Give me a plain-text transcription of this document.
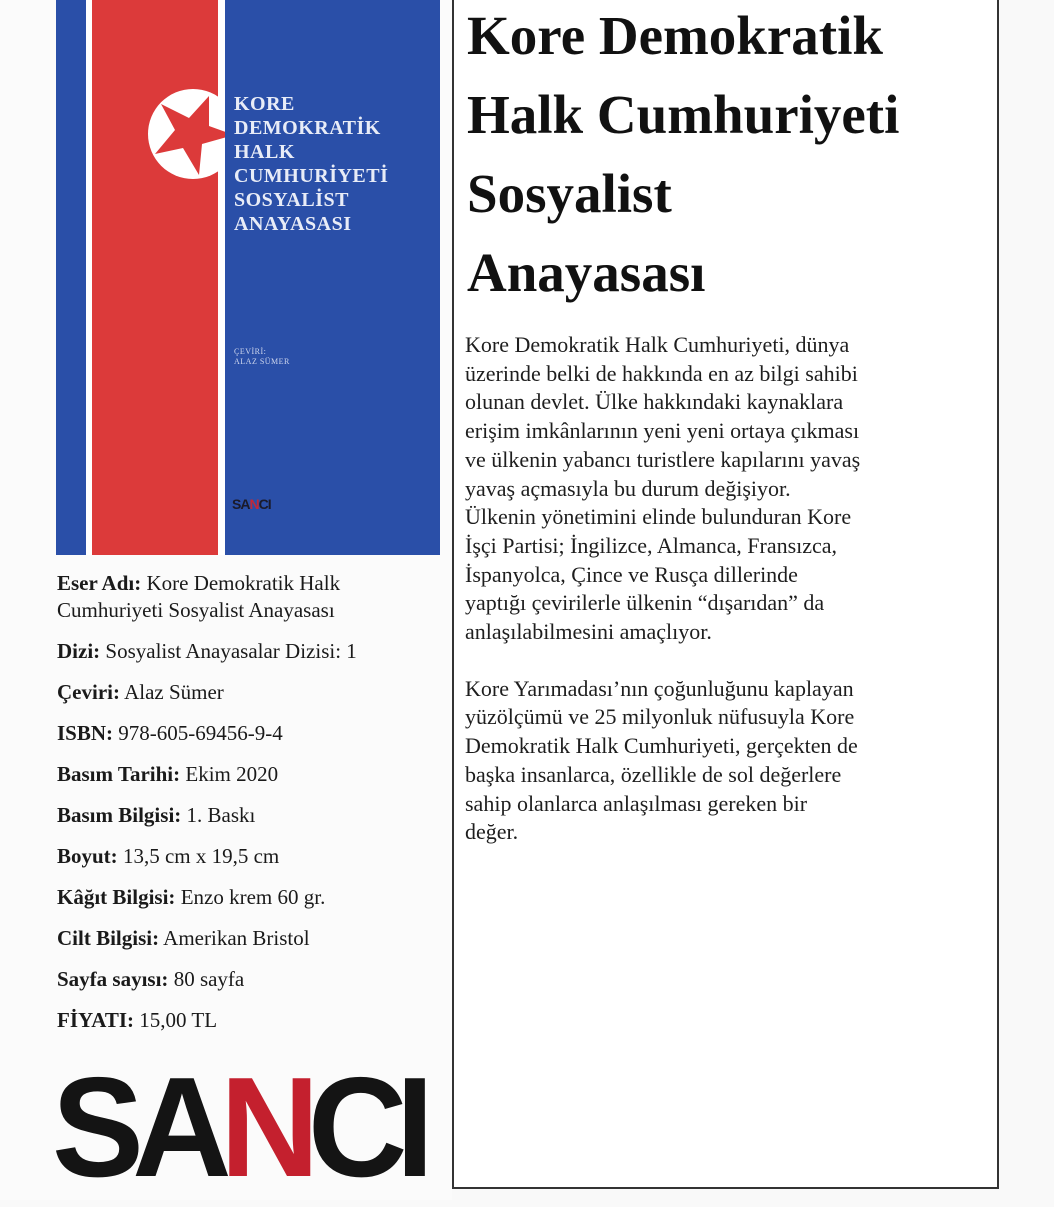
KORE
DEMOKRATİK
HALK
CUMHURİYETİ
SOSYALİST
ANAYASASI
ÇEVİRİ:
ALAZ SÜMER
SANCI
Eser Adı: Kore Demokratik Halk
Cumhuriyeti Sosyalist Anayasası
Dizi: Sosyalist Anayasalar Dizisi: 1
Çeviri: Alaz Sümer
ISBN: 978-605-69456-9-4
Basım Tarihi: Ekim 2020
Basım Bilgisi: 1. Baskı
Boyut: 13,5 cm x 19,5 cm
Kâğıt Bilgisi: Enzo krem 60 gr.
Cilt Bilgisi: Amerikan Bristol
Sayfa sayısı: 80 sayfa
FİYATI: 15,00 TL
SANCI
Kore Demokratik
Halk Cumhuriyeti
Sosyalist
Anayasası

Kore Demokratik Halk Cumhuriyeti, dünya
üzerinde belki de hakkında en az bilgi sahibi
olunan devlet. Ülke hakkındaki kaynaklara
erişim imkânlarının yeni yeni ortaya çıkması
ve ülkenin yabancı turistlere kapılarını yavaş
yavaş açmasıyla bu durum değişiyor.
Ülkenin yönetimini elinde bulunduran Kore
İşçi Partisi; İngilizce, Almanca, Fransızca,
İspanyolca, Çince ve Rusça dillerinde
yaptığı çevirilerle ülkenin “dışarıdan” da
anlaşılabilmesini amaçlıyor.

Kore Yarımadası’nın çoğunluğunu kaplayan
yüzölçümü ve 25 milyonluk nüfusuyla Kore
Demokratik Halk Cumhuriyeti, gerçekten de
başka insanlarca, özellikle de sol değerlere
sahip olanlarca anlaşılması gereken bir
değer.
